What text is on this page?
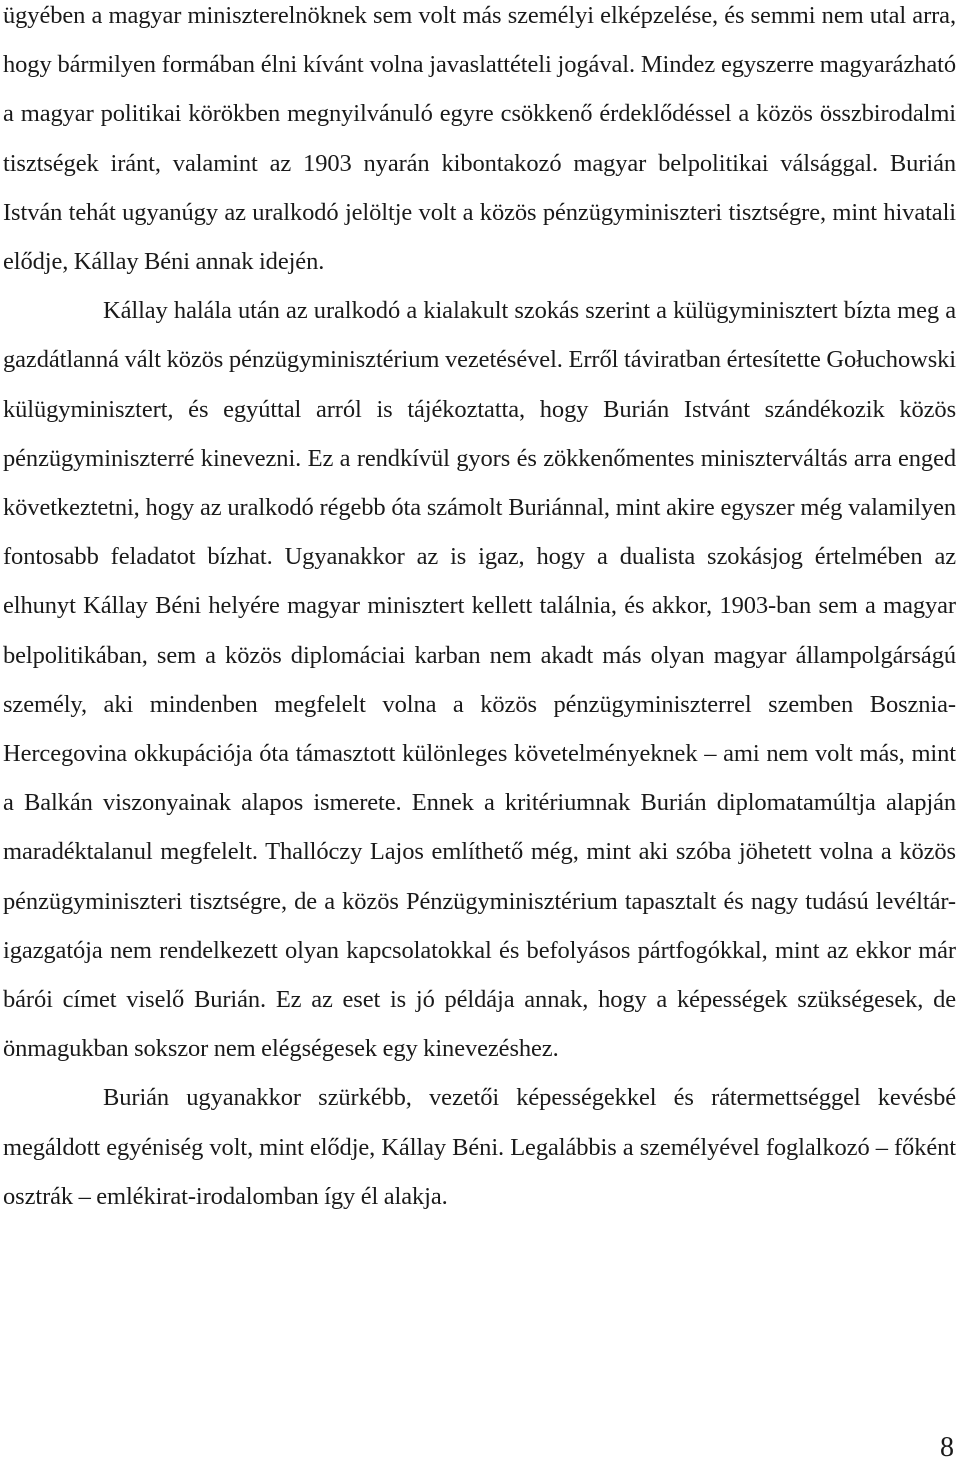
ügyében a magyar miniszterelnöknek sem volt más személyi elképzelése, és semmi nem utal arra, hogy bármilyen formában élni kívánt volna javaslattételi jogával. Mindez egyszerre magyarázható a magyar politikai körökben megnyilvánuló egyre csökkenő érdeklődéssel a közös összbirodalmi tisztségek iránt, valamint az 1903 nyarán kibontakozó magyar belpolitikai válsággal. Burián István tehát ugyanúgy az uralkodó jelöltje volt a közös pénzügyminiszteri tisztségre, mint hivatali elődje, Kállay Béni annak idején.

Kállay halála után az uralkodó a kialakult szokás szerint a külügyminisztert bízta meg a gazdátlanná vált közös pénzügyminisztérium vezetésével. Erről táviratban értesítette Gołuchowski külügyminisztert, és egyúttal arról is tájékoztatta, hogy Burián Istvánt szándékozik közös pénzügyminiszterré kinevezni. Ez a rendkívül gyors és zökkenőmentes miniszterváltás arra enged következtetni, hogy az uralkodó régebb óta számolt Buriánnal, mint akire egyszer még valamilyen fontosabb feladatot bízhat. Ugyanakkor az is igaz, hogy a dualista szokásjog értelmében az elhunyt Kállay Béni helyére magyar minisztert kellett találnia, és akkor, 1903-ban sem a magyar belpolitikában, sem a közös diplomáciai karban nem akadt más olyan magyar állampolgárságú személy, aki mindenben megfelelt volna a közös pénzügyminiszterrel szemben Bosznia-Hercegovina okkupációja óta támasztott különleges követelményeknek – ami nem volt más, mint a Balkán viszonyainak alapos ismerete. Ennek a kritériumnak Burián diplomatamúltja alapján maradéktalanul megfelelt. Thallóczy Lajos említhető még, mint aki szóba jöhetett volna a közös pénzügyminiszteri tisztségre, de a közös Pénzügyminisztérium tapasztalt és nagy tudású levéltár-igazgatója nem rendelkezett olyan kapcsolatokkal és befolyásos pártfogókkal, mint az ekkor már bárói címet viselő Burián. Ez az eset is jó példája annak, hogy a képességek szükségesek, de önmagukban sokszor nem elégségesek egy kinevezéshez.

Burián ugyanakkor szürkébb, vezetői képességekkel és rátermettséggel kevésbé megáldott egyéniség volt, mint elődje, Kállay Béni. Legalábbis a személyével foglalkozó – főként osztrák – emlékirat-irodalomban így él alakja.

8
